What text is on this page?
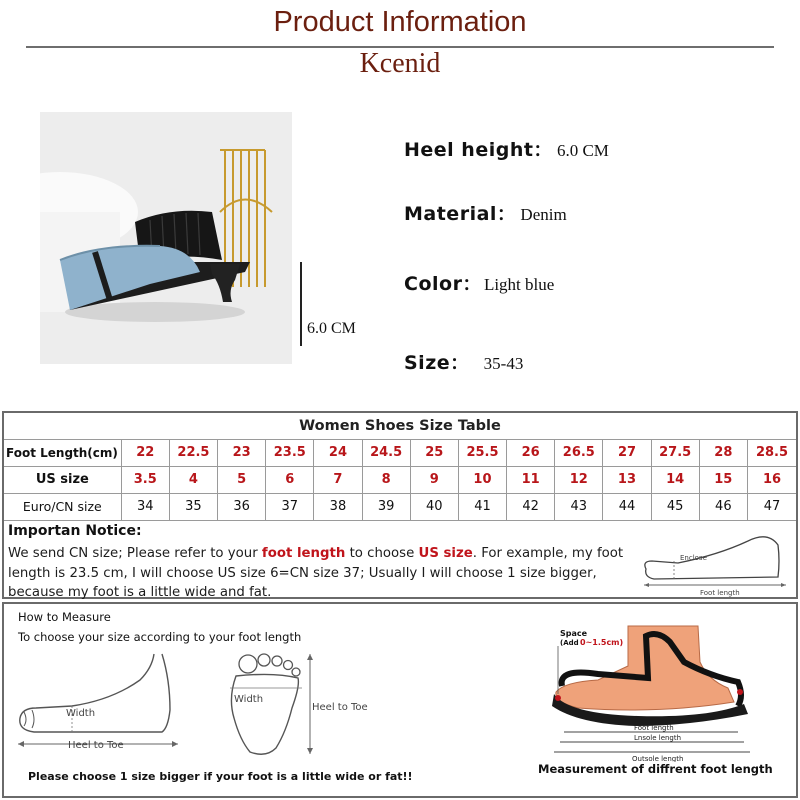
Product Information
Kcenid
6.0 CM
Heel height： 6.0 CM
Material： Denim
Color： Light blue
Size： 35-43
Women Shoes Size Table
Foot Length(cm)	22	22.5	23	23.5	24	24.5	25	25.5	26	26.5	27	27.5	28	28.5
US size	3.5	4	5	6	7	8	9	10	11	12	13	14	15	16
Euro/CN size	34	35	36	37	38	39	40	41	42	43	44	45	46	47
Importan Notice:
We send CN size; Please refer to your foot length to choose US size. For example, my foot length is 23.5 cm, I will choose US size 6=CN size 37; Usually I will choose 1 size bigger, because my foot is a little wide and fat.
Enclose
Foot length
How to Measure
To choose your size according to your foot length
Width
Heel to Toe
Width
Heel to Toe
Space
(Add 0~1.5cm)
Foot length
Lnsole length
Outsole length
Please choose 1 size bigger if your foot is a little wide or fat!!
Measurement of diffrent foot length
